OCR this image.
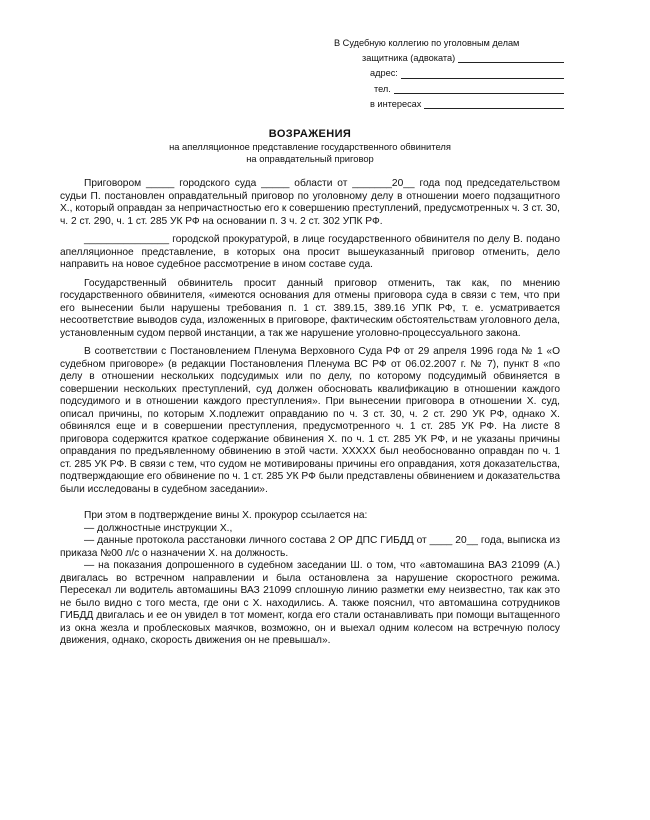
В Судебную коллегию по уголовным делам
защитника (адвоката)
адрес:
тел.
в интересах
ВОЗРАЖЕНИЯ
на апелляционное представление государственного обвинителя
на оправдательный приговор

Приговором _____ городского суда _____ области от _______20__ года под председательством судьи П. постановлен оправдательный приговор по уголовному делу в отношении моего подзащитного Х., который оправдан за непричастностью его к совершению преступлений, предусмотренных ч. 3 ст. 30, ч. 2 ст. 290, ч. 1 ст. 285 УК РФ на основании п. 3 ч. 2 ст. 302 УПК РФ.

_______________ городской прокуратурой, в лице государственного обвинителя по делу В. подано апелляционное представление, в которых она просит вышеуказанный приговор отменить, дело направить на новое судебное рассмотрение в ином составе суда.

Государственный обвинитель просит данный приговор отменить, так как, по мнению государственного обвинителя, «имеются основания для отмены приговора суда в связи с тем, что при его вынесении были нарушены требования п. 1 ст. 389.15, 389.16 УПК РФ, т. е. усматривается несоответствие выводов суда, изложенных в приговоре, фактическим обстоятельствам уголовного дела, установленным судом первой инстанции, а так же нарушение уголовно-процессуального закона.

В соответствии с Постановлением Пленума Верховного Суда РФ от 29 апреля 1996 года № 1 «О судебном приговоре» (в редакции Постановления Пленума ВС РФ от 06.02.2007 г. № 7), пункт 8 «по делу в отношении нескольких подсудимых или по делу, по которому подсудимый обвиняется в совершении нескольких преступлений, суд должен обосновать квалификацию в отношении каждого подсудимого и в отношении каждого преступления». При вынесении приговора в отношении Х. суд, описал причины, по которым Х.подлежит оправданию по ч. 3 ст. 30, ч. 2 ст. 290 УК РФ, однако Х. обвинялся еще и в совершении преступления, предусмотренного ч. 1 ст. 285 УК РФ. На листе 8 приговора содержится краткое содержание обвинения Х. по ч. 1 ст. 285 УК РФ, и не указаны причины оправдания по предъявленному обвинению в этой части. ХХХХХ был необоснованно оправдан по ч. 1 ст. 285 УК РФ. В связи с тем, что судом не мотивированы причины его оправдания, хотя доказательства, подтверждающие его обвинение по ч. 1 ст. 285 УК РФ были представлены обвинением и доказательства были исследованы в судебном заседании».

При этом в подтверждение вины Х. прокурор ссылается на:

— должностные инструкции Х.,

— данные протокола расстановки личного состава 2 ОР ДПС ГИБДД от ____ 20__ года, выписка из приказа №00 л/с о назначении Х. на должность.

— на показания допрошенного в судебном заседании Ш. о том, что «автомашина ВАЗ 21099 (А.) двигалась во встречном направлении и была остановлена за нарушение скоростного режима. Пересекал ли водитель автомашины ВАЗ 21099 сплошную линию разметки ему неизвестно, так как это не было видно с того места, где они с Х. находились. А. также пояснил, что автомашина сотрудников ГИБДД двигалась и ее он увидел в тот момент, когда его стали останавливать при помощи вытащенного из окна жезла и проблесковых маячков, возможно, он и выехал одним колесом на встречную полосу движения, однако, скорость движения он не превышал».
